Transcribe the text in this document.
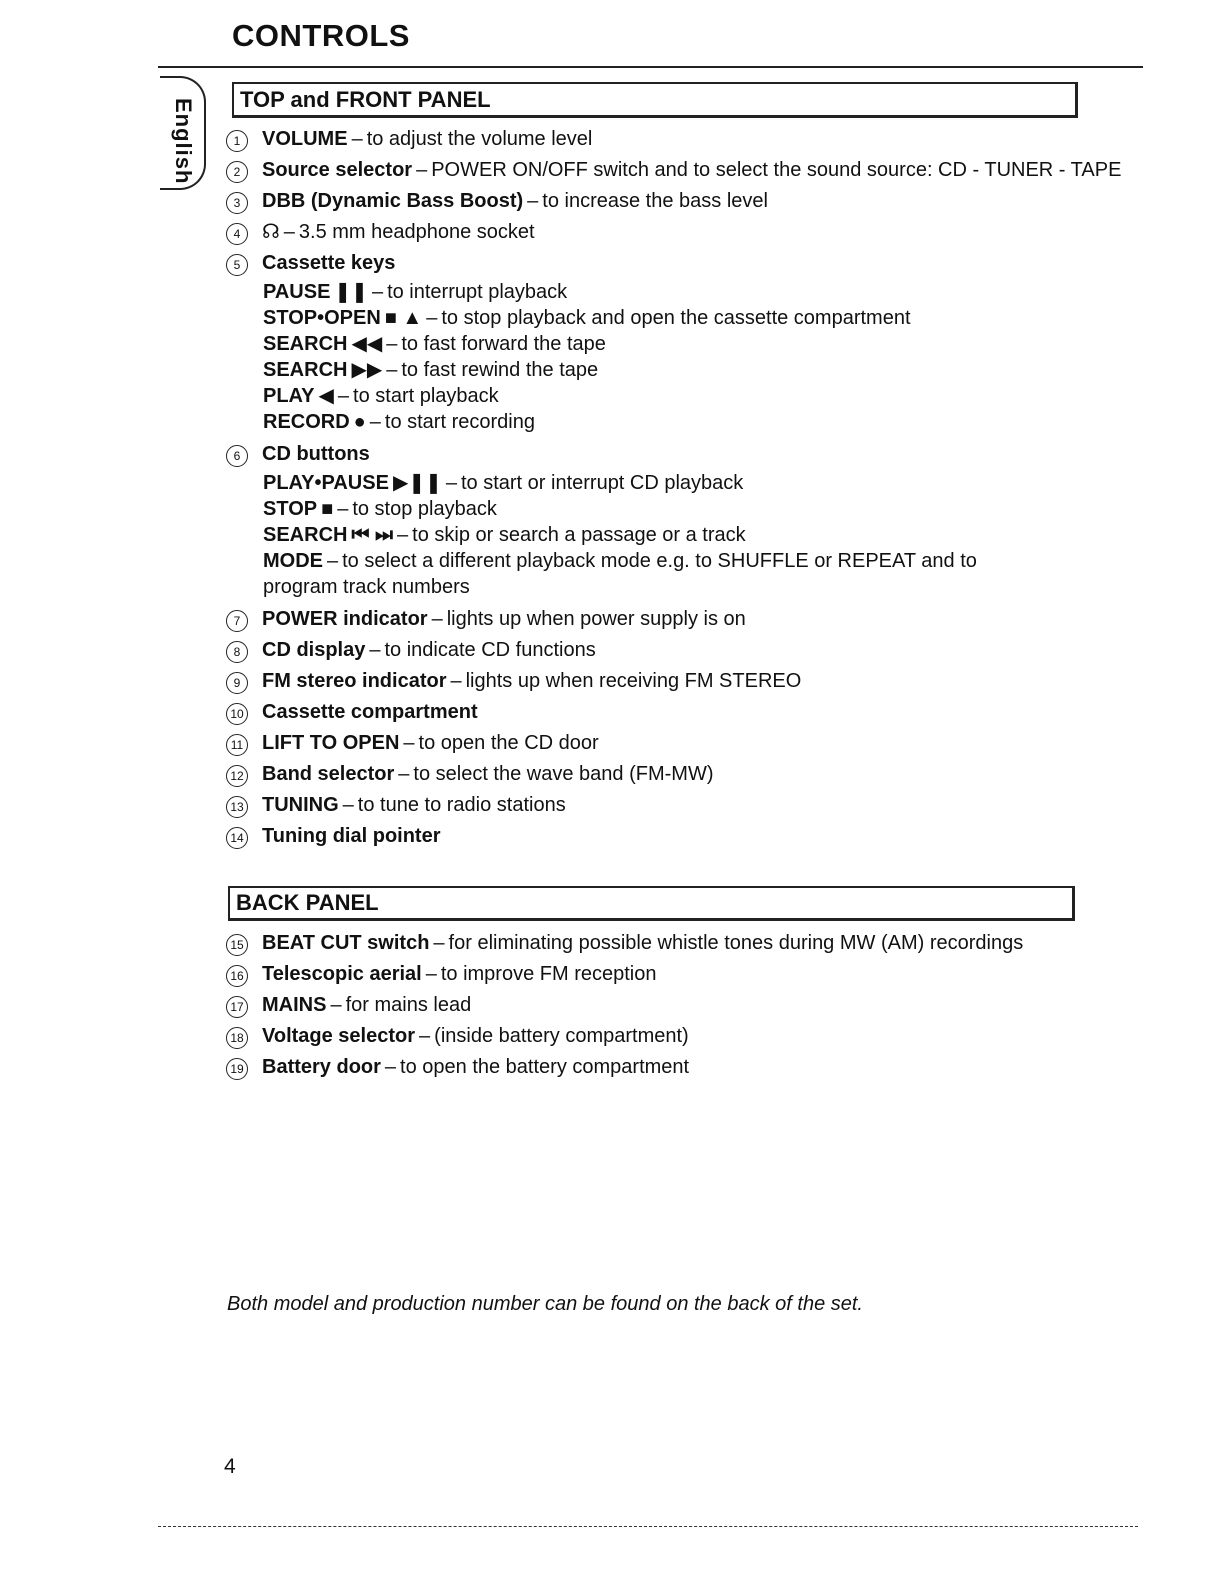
CONTROLS
English	TOP and FRONT PANEL
1	VOLUME – to adjust the volume level
2	Source selector – POWER ON/OFF switch and to select the sound source: CD - TUNER - TAPE
3	DBB (Dynamic Bass Boost) – to increase the bass level
4	☊ – 3.5 mm headphone socket
5	Cassette keys
PAUSE ❚❚ – to interrupt playback
STOP•OPEN ■ ▲ – to stop playback and open the cassette compartment
SEARCH ◀◀ – to fast forward the tape
SEARCH ▶▶ – to fast rewind the tape
PLAY ◀ – to start playback
RECORD ● – to start recording
6	CD buttons
PLAY•PAUSE ▶❚❚ – to start or interrupt CD playback
STOP ■ – to stop playback
SEARCH ⏮ ⏭ – to skip or search a passage or a track
MODE – to select a different playback mode e.g. to SHUFFLE or REPEAT and to program track numbers
7	POWER indicator – lights up when power supply is on
8	CD display – to indicate CD functions
9	FM stereo indicator – lights up when receiving FM STEREO
10 Cassette compartment
11 LIFT TO OPEN – to open the CD door
12 Band selector – to select the wave band (FM-MW)
13 TUNING – to tune to radio stations
14 Tuning dial pointer
BACK PANEL
15 BEAT CUT switch – for eliminating possible whistle tones during MW (AM) recordings
16 Telescopic aerial – to improve FM reception
17 MAINS – for mains lead
18 Voltage selector – (inside battery compartment)
19 Battery door – to open the battery compartment
Both model and production number can be found on the back of the set.
4
